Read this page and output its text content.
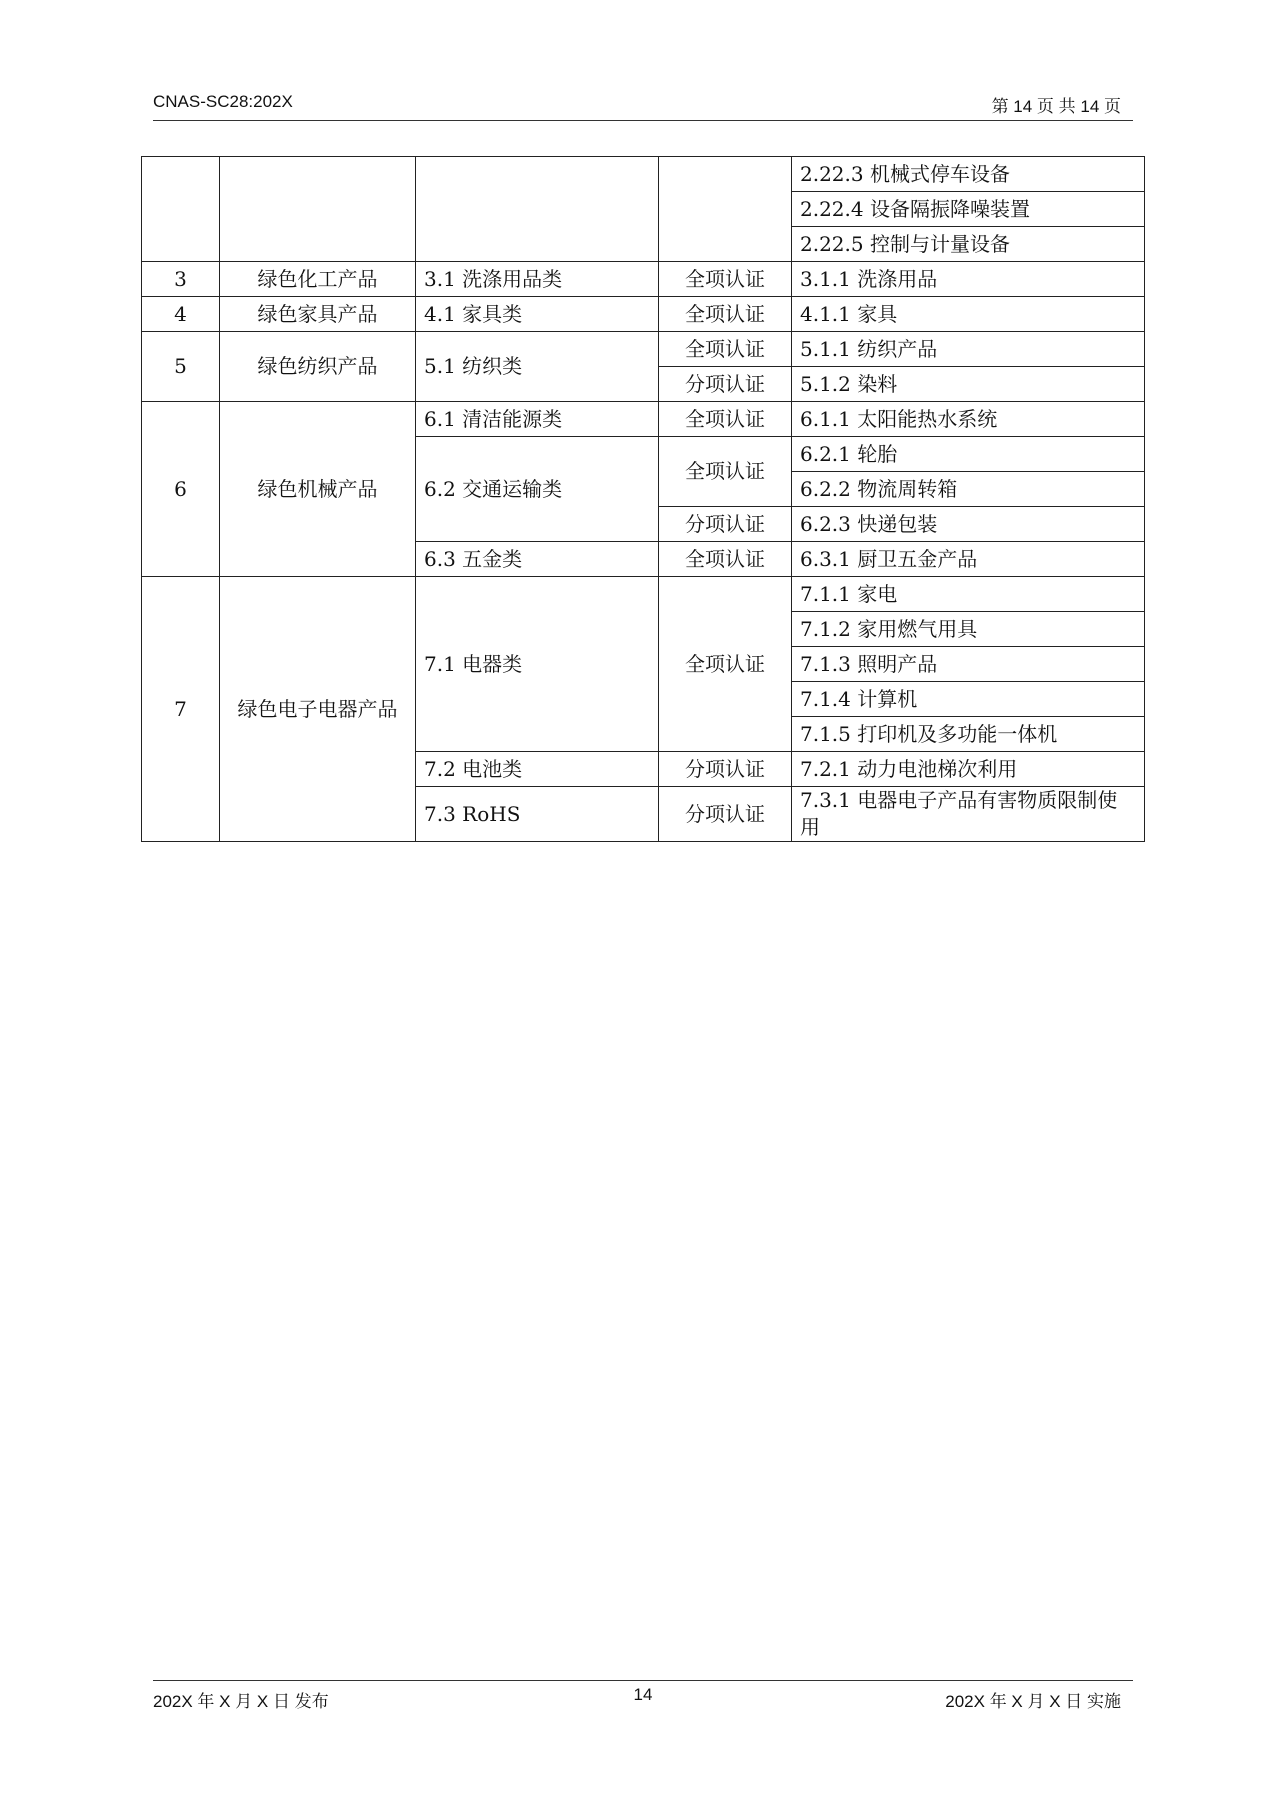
CNAS-SC28:202X	第 14 页 共 14 页
				2.22.3 机械式停车设备
				2.22.4 设备隔振降噪装置
				2.22.5 控制与计量设备
3	绿色化工产品	3.1 洗涤用品类	全项认证	3.1.1 洗涤用品
4	绿色家具产品	4.1 家具类	全项认证	4.1.1 家具
5	绿色纺织产品	5.1 纺织类	全项认证	5.1.1 纺织产品
			分项认证	5.1.2 染料
6	绿色机械产品	6.1 清洁能源类	全项认证	6.1.1 太阳能热水系统
		6.2 交通运输类	全项认证	6.2.1 轮胎
				6.2.2 物流周转箱
			分项认证	6.2.3 快递包装
		6.3 五金类	全项认证	6.3.1 厨卫五金产品
7	绿色电子电器产品	7.1 电器类	全项认证	7.1.1 家电
				7.1.2 家用燃气用具
				7.1.3 照明产品
				7.1.4 计算机
				7.1.5 打印机及多功能一体机
		7.2 电池类	分项认证	7.2.1 动力电池梯次利用
		7.3 RoHS	分项认证	7.3.1 电器电子产品有害物质限制使用
202X 年 X 月 X 日 发布	14	202X 年 X 月 X 日 实施
